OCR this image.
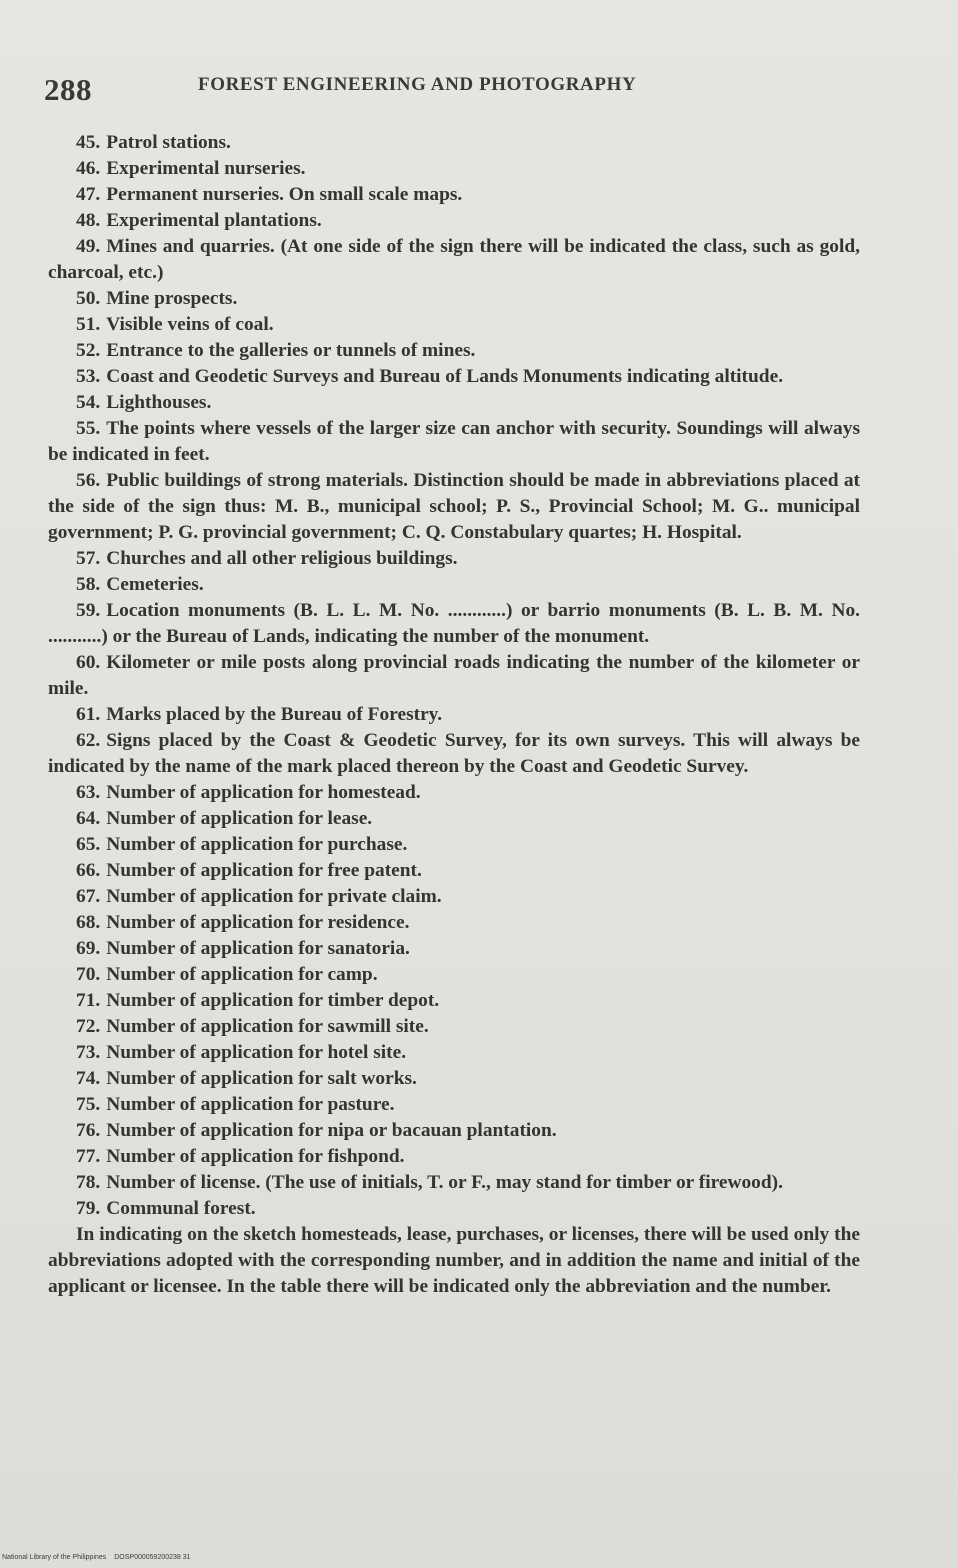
288	FOREST ENGINEERING AND PHOTOGRAPHY

45. Patrol stations.

46. Experimental nurseries.

47. Permanent nurseries. On small scale maps.

48. Experimental plantations.

49. Mines and quarries. (At one side of the sign there will be indicated the class, such as gold, charcoal, etc.)

50. Mine prospects.

51. Visible veins of coal.

52. Entrance to the galleries or tunnels of mines.

53. Coast and Geodetic Surveys and Bureau of Lands Monuments indicating altitude.

54. Lighthouses.

55. The points where vessels of the larger size can anchor with security. Soundings will always be indicated in feet.

56. Public buildings of strong materials. Distinction should be made in abbreviations placed at the side of the sign thus: M. B., municipal school; P. S., Provincial School; M. G.. municipal government; P. G. provincial government; C. Q. Constabulary quartes; H. Hospital.

57. Churches and all other religious buildings.

58. Cemeteries.

59. Location monuments (B. L. L. M. No. ............) or barrio monuments (B. L. B. M. No. ...........) or the Bureau of Lands, indicating the number of the monument.

60. Kilometer or mile posts along provincial roads indicating the number of the kilometer or mile.

61. Marks placed by the Bureau of Forestry.

62. Signs placed by the Coast & Geodetic Survey, for its own surveys. This will always be indicated by the name of the mark placed thereon by the Coast and Geodetic Survey.

63. Number of application for homestead.

64. Number of application for lease.

65. Number of application for purchase.

66. Number of application for free patent.

67. Number of application for private claim.

68. Number of application for residence.

69. Number of application for sanatoria.

70. Number of application for camp.

71. Number of application for timber depot.

72. Number of application for sawmill site.

73. Number of application for hotel site.

74. Number of application for salt works.

75. Number of application for pasture.

76. Number of application for nipa or bacauan plantation.

77. Number of application for fishpond.

78. Number of license. (The use of initials, T. or F., may stand for timber or firewood).

79. Communal forest.

In indicating on the sketch homesteads, lease, purchases, or licenses, there will be used only the abbreviations adopted with the corresponding number, and in addition the name and initial of the applicant or licensee. In the table there will be indicated only the abbreviation and the number.

National Library of the Philippines DOSP000059200238 31
